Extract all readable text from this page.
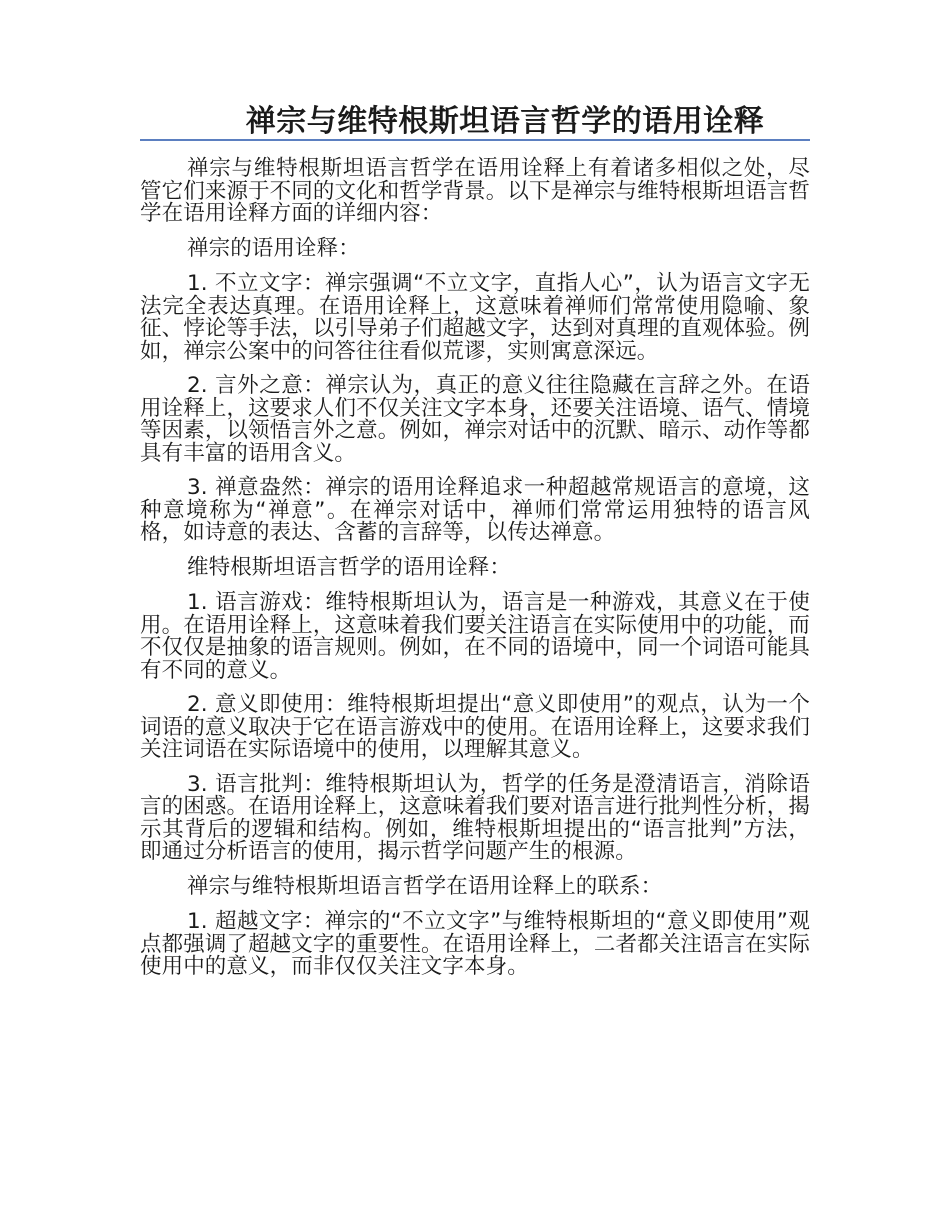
禅宗与维特根斯坦语言哲学的语用诠释

禅宗与维特根斯坦语言哲学在语用诠释上有着诸多相似之处，尽管它们来源于不同的文化和哲学背景。以下是禅宗与维特根斯坦语言哲学在语用诠释方面的详细内容：

禅宗的语用诠释：

1. 不立文字：禅宗强调“不立文字，直指人心”，认为语言文字无法完全表达真理。在语用诠释上，这意味着禅师们常常使用隐喻、象征、悖论等手法，以引导弟子们超越文字，达到对真理的直观体验。例如，禅宗公案中的问答往往看似荒谬，实则寓意深远。

2. 言外之意：禅宗认为，真正的意义往往隐藏在言辞之外。在语用诠释上，这要求人们不仅关注文字本身，还要关注语境、语气、情境等因素，以领悟言外之意。例如，禅宗对话中的沉默、暗示、动作等都具有丰富的语用含义。

3. 禅意盎然：禅宗的语用诠释追求一种超越常规语言的意境，这种意境称为“禅意”。在禅宗对话中，禅师们常常运用独特的语言风格，如诗意的表达、含蓄的言辞等，以传达禅意。

维特根斯坦语言哲学的语用诠释：

1. 语言游戏：维特根斯坦认为，语言是一种游戏，其意义在于使用。在语用诠释上，这意味着我们要关注语言在实际使用中的功能，而不仅仅是抽象的语言规则。例如，在不同的语境中，同一个词语可能具有不同的意义。

2. 意义即使用：维特根斯坦提出“意义即使用”的观点，认为一个词语的意义取决于它在语言游戏中的使用。在语用诠释上，这要求我们关注词语在实际语境中的使用，以理解其意义。

3. 语言批判：维特根斯坦认为，哲学的任务是澄清语言，消除语言的困惑。在语用诠释上，这意味着我们要对语言进行批判性分析，揭示其背后的逻辑和结构。例如，维特根斯坦提出的“语言批判”方法，即通过分析语言的使用，揭示哲学问题产生的根源。

禅宗与维特根斯坦语言哲学在语用诠释上的联系：

1. 超越文字：禅宗的“不立文字”与维特根斯坦的“意义即使用”观点都强调了超越文字的重要性。在语用诠释上，二者都关注语言在实际使用中的意义，而非仅仅关注文字本身。
